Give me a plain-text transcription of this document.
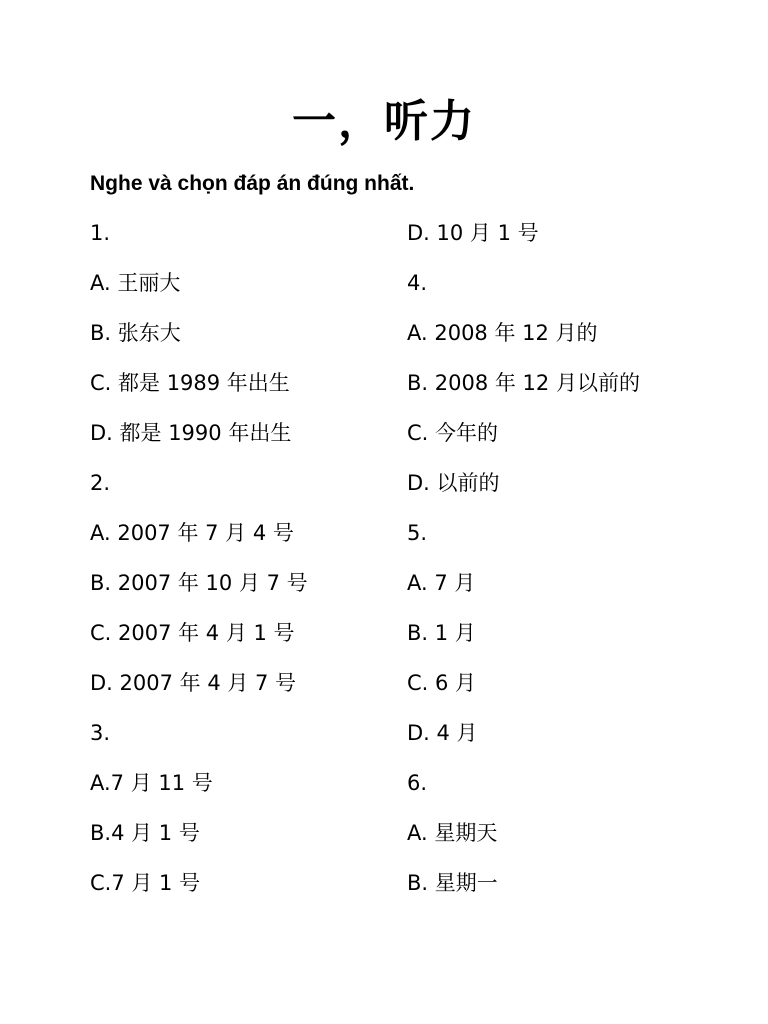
一，听力
Nghe và chọn đáp án đúng nhất.
1.
A. 王丽大
B. 张东大
C. 都是 1989 年出生
D. 都是 1990 年出生
2.
A. 2007 年 7 月 4 号
B. 2007 年 10 月 7 号
C. 2007 年 4 月 1 号
D. 2007 年 4 月 7 号
3.
A.7 月 11 号
B.4 月 1 号
C.7 月 1 号
D. 10 月 1 号
4.
A. 2008 年 12 月的
B. 2008 年 12 月以前的
C. 今年的
D. 以前的
5.
A. 7 月
B. 1 月
C. 6 月
D. 4 月
6.
A. 星期天
B. 星期一
